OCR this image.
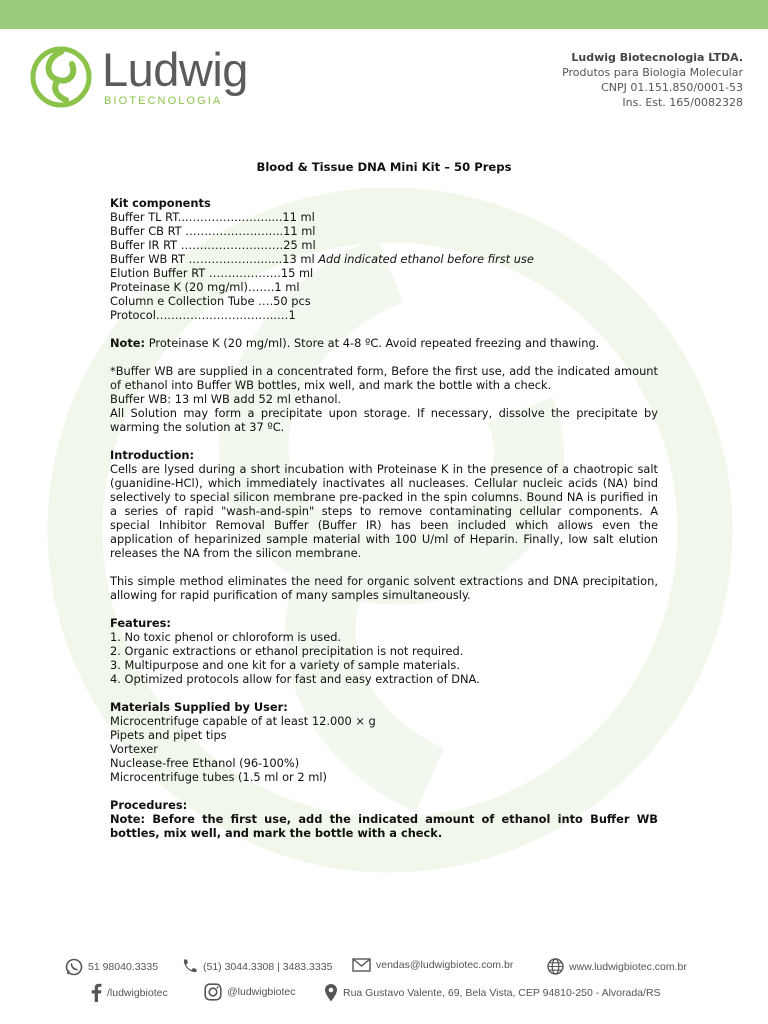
Ludwig
BIOTECNOLOGIA
Ludwig Biotecnologia LTDA.
Produtos para Biologia Molecular
CNPJ 01.151.850/0001-53
Ins. Est. 165/0082328

Blood & Tissue DNA Mini Kit – 50 Preps

Kit components

Buffer TL RT...…………..…….....11 ml

Buffer CB RT ……………….…....11 ml

Buffer IR RT ………………………25 ml

Buffer WB RT ……………….......13 ml Add indicated ethanol before first use

Elution Buffer RT ……………….15 ml

Proteinase K (20 mg/ml)…….1 ml

Column e Collection Tube ….50 pcs

Protocol…………………………..…1

Note: Proteinase K (20 mg/ml). Store at 4-8 ºC. Avoid repeated freezing and thawing.

*Buffer WB are supplied in a concentrated form, Before the first use, add the indicated amount of ethanol into Buffer WB bottles, mix well, and mark the bottle with a check.

Buffer WB: 13 ml WB add 52 ml ethanol.

All Solution may form a precipitate upon storage. If necessary, dissolve the precipitate by warming the solution at 37 ºC.

Introduction:

Cells are lysed during a short incubation with Proteinase K in the presence of a chaotropic salt (guanidine-HCl), which immediately inactivates all nucleases. Cellular nucleic acids (NA) bind selectively to special silicon membrane pre-packed in the spin columns. Bound NA is purified in a series of rapid "wash-and-spin" steps to remove contaminating cellular components. A special Inhibitor Removal Buffer (Buffer IR) has been included which allows even the application of heparinized sample material with 100 U/ml of Heparin. Finally, low salt elution releases the NA from the silicon membrane.

This simple method eliminates the need for organic solvent extractions and DNA precipitation, allowing for rapid purification of many samples simultaneously.

Features:

1. No toxic phenol or chloroform is used.

2. Organic extractions or ethanol precipitation is not required.

3. Multipurpose and one kit for a variety of sample materials.

4. Optimized protocols allow for fast and easy extraction of DNA.

Materials Supplied by User:

Microcentrifuge capable of at least 12.000 × g

Pipets and pipet tips

Vortexer

Nuclease-free Ethanol (96-100%)

Microcentrifuge tubes (1.5 ml or 2 ml)

Procedures:

Note: Before the first use, add the indicated amount of ethanol into Buffer WB bottles, mix well, and mark the bottle with a check.

51 98040.3335	(51) 3044.3308 | 3483.3335	vendas@ludwigbiotec.com.br	www.ludwigbiotec.com.br
/ludwigbiotec	@ludwigbiotec	Rua Gustavo Valente, 69, Bela Vista, CEP 94810-250 - Alvorada/RS
